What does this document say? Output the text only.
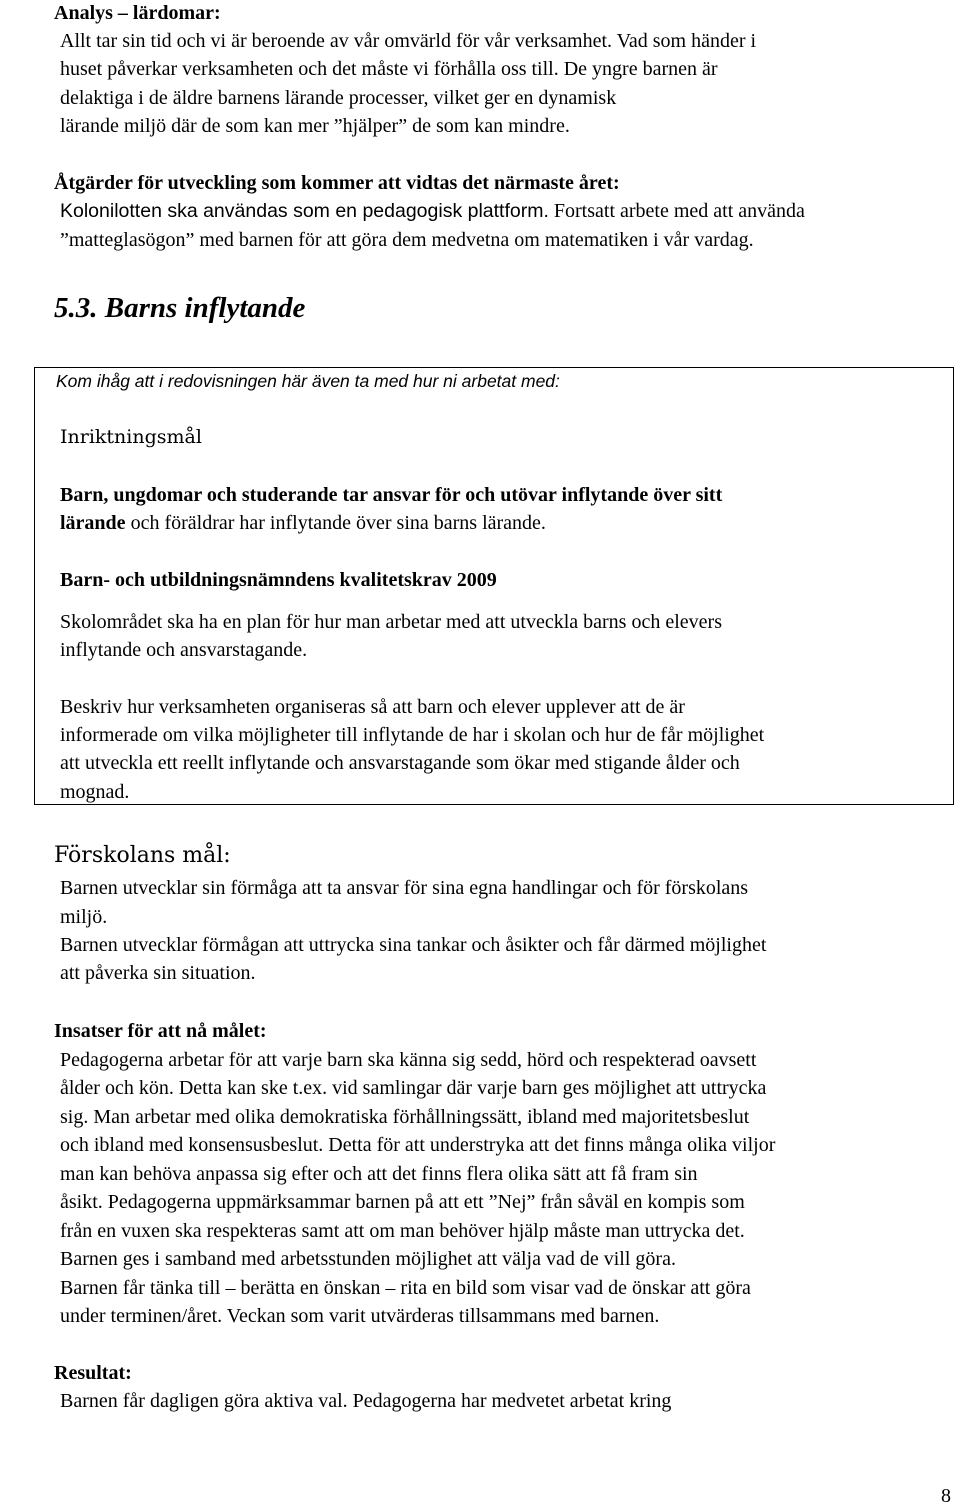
Analys – lärdomar:
Allt tar sin tid och vi är beroende av vår omvärld för vår verksamhet. Vad som händer i
huset påverkar verksamheten och det måste vi förhålla oss till. De yngre barnen är
delaktiga i de äldre barnens lärande processer, vilket ger en dynamisk
lärande miljö där de som kan mer ”hjälper” de som kan mindre.
Åtgärder för utveckling som kommer att vidtas det närmaste året:
Kolonilotten ska användas som en pedagogisk plattform. Fortsatt arbete med att använda
”matteglasögon” med barnen för att göra dem medvetna om matematiken i vår vardag.
5.3. Barns inflytande
Kom ihåg att i redovisningen här även ta med hur ni arbetat med:
Inriktningsmål
Barn, ungdomar och studerande tar ansvar för och utövar inflytande över sitt
lärande och föräldrar har inflytande över sina barns lärande.
Barn- och utbildningsnämndens kvalitetskrav 2009
Skolområdet ska ha en plan för hur man arbetar med att utveckla barns och elevers
inflytande och ansvarstagande.
Beskriv hur verksamheten organiseras så att barn och elever upplever att de är
informerade om vilka möjligheter till inflytande de har i skolan och hur de får möjlighet
att utveckla ett reellt inflytande och ansvarstagande som ökar med stigande ålder och
mognad.
Förskolans mål:
Barnen utvecklar sin förmåga att ta ansvar för sina egna handlingar och för förskolans
miljö.
Barnen utvecklar förmågan att uttrycka sina tankar och åsikter och får därmed möjlighet
att påverka sin situation.
Insatser för att nå målet:
Pedagogerna arbetar för att varje barn ska känna sig sedd, hörd och respekterad oavsett
ålder och kön. Detta kan ske t.ex. vid samlingar där varje barn ges möjlighet att uttrycka
sig. Man arbetar med olika demokratiska förhållningssätt, ibland med majoritetsbeslut
och ibland med konsensusbeslut. Detta för att understryka att det finns många olika viljor
man kan behöva anpassa sig efter och att det finns flera olika sätt att få fram sin
åsikt. Pedagogerna uppmärksammar barnen på att ett ”Nej” från såväl en kompis som
från en vuxen ska respekteras samt att om man behöver hjälp måste man uttrycka det.
Barnen ges i samband med arbetsstunden möjlighet att välja vad de vill göra.
Barnen får tänka till – berätta en önskan – rita en bild som visar vad de önskar att göra
under terminen/året. Veckan som varit utvärderas tillsammans med barnen.
Resultat:
Barnen får dagligen göra aktiva val. Pedagogerna har medvetet arbetat kring
8
